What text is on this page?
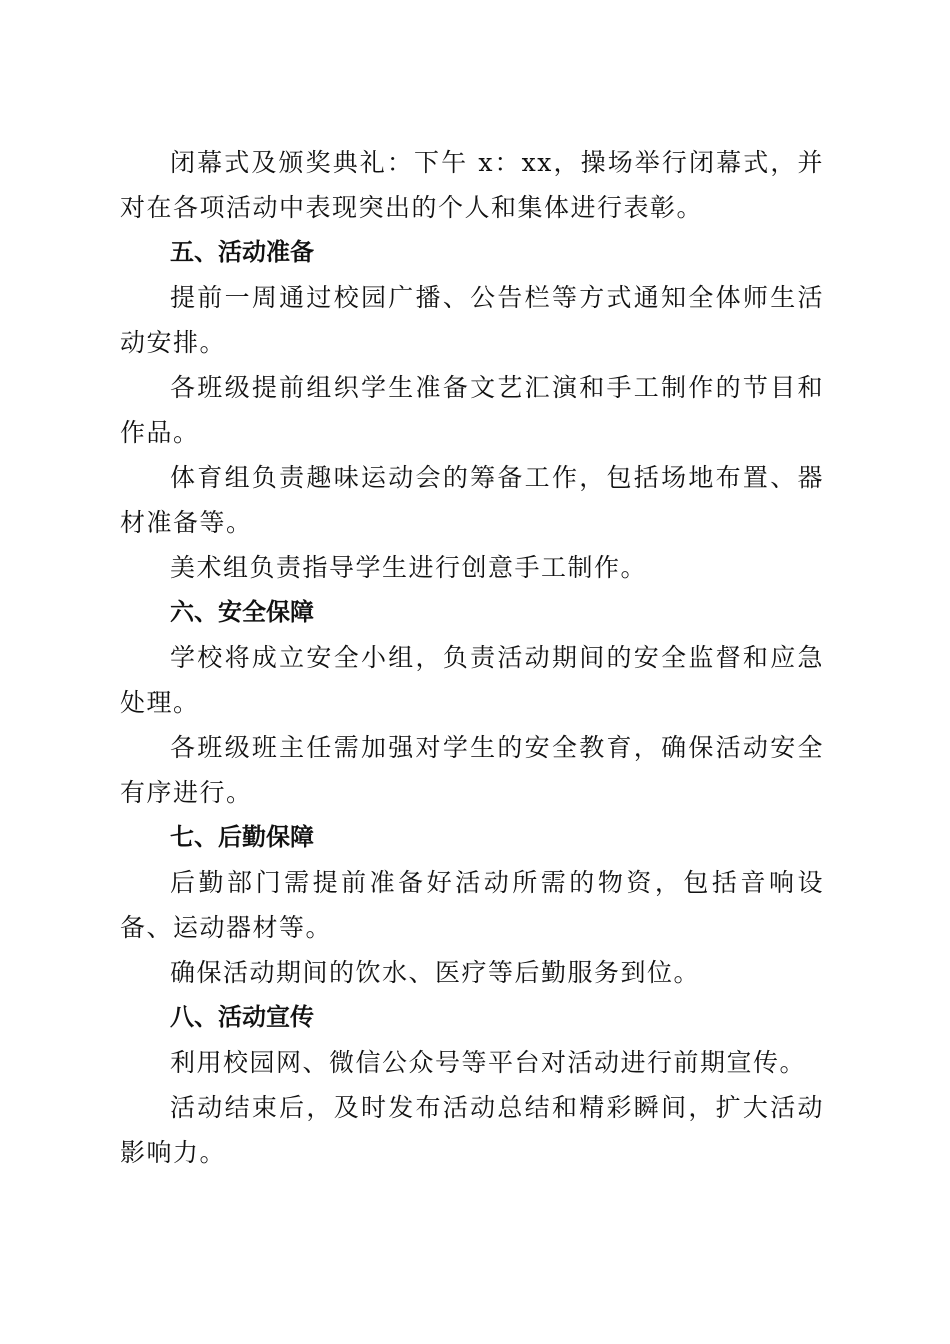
闭幕式及颁奖典礼：下午 x：xx，操场举行闭幕式，并对在各项活动中表现突出的个人和集体进行表彰。

五、活动准备

提前一周通过校园广播、公告栏等方式通知全体师生活动安排。

各班级提前组织学生准备文艺汇演和手工制作的节目和作品。

体育组负责趣味运动会的筹备工作，包括场地布置、器材准备等。

美术组负责指导学生进行创意手工制作。

六、安全保障

学校将成立安全小组，负责活动期间的安全监督和应急处理。

各班级班主任需加强对学生的安全教育，确保活动安全有序进行。

七、后勤保障

后勤部门需提前准备好活动所需的物资，包括音响设备、运动器材等。

确保活动期间的饮水、医疗等后勤服务到位。

八、活动宣传

利用校园网、微信公众号等平台对活动进行前期宣传。

活动结束后，及时发布活动总结和精彩瞬间，扩大活动影响力。
